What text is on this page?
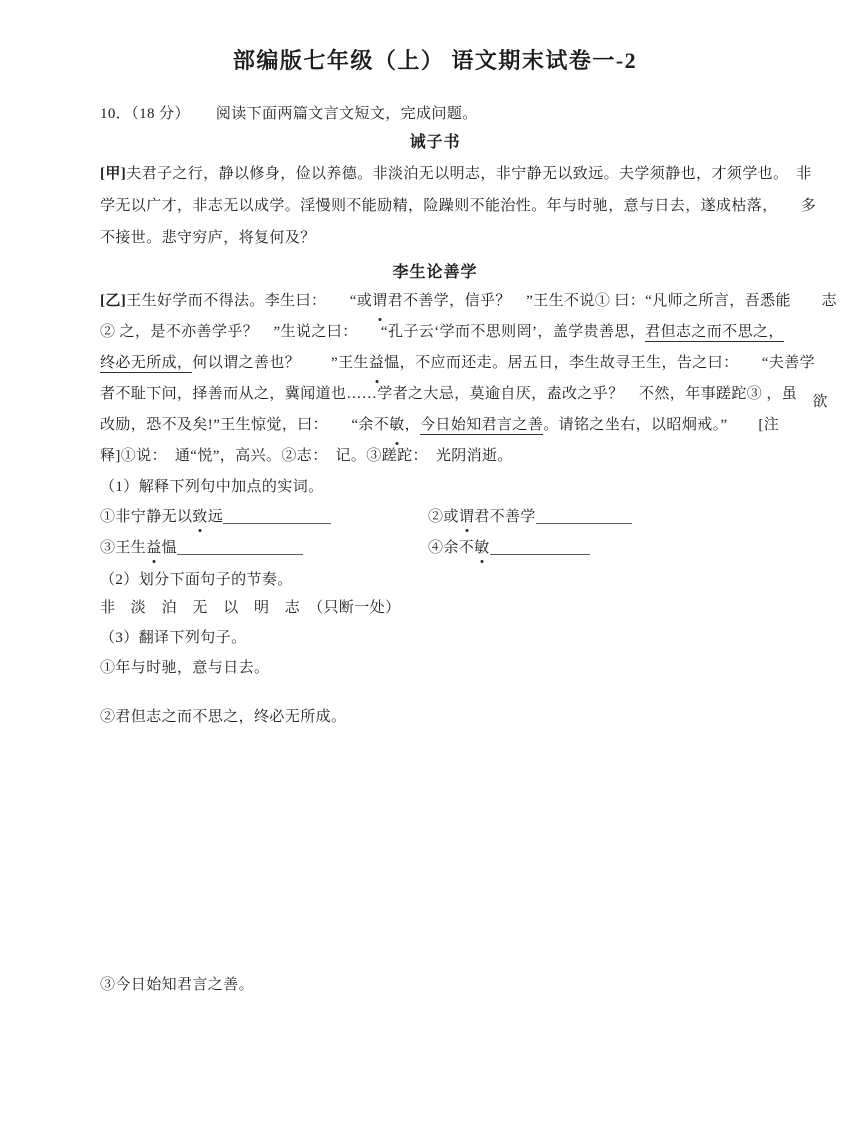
部编版七年级（上） 语文期末试卷一-2
10．（18 分） 阅读下面两篇文言文短文，完成问题。
诫子书
[甲]夫君子之行，静以修身，俭以养德。非淡泊无以明志，非宁静无以致远。夫学须静也，才须学也。　非
学无以广才，非志无以成学。淫慢则不能励精，险躁则不能治性。年与时驰，意与日去，遂成枯落，　　多
不接世。悲守穷庐，将复何及？
李生论善学
[乙]王生好学而不得法。李生曰：　　“或谓君不善学，信乎？　”王生不说① 曰：“凡师之所言，吾悉能　　志
② 之，是不亦善学乎？　”生说之曰：　　“孔子云‘学而不思则罔’，盖学贵善思，君但志之而不思之，
终必无所成，何以谓之善也？　　”王生益愠，不应而还走。居五日，李生故寻王生，告之曰：　　“夫善学
者不耻下问，择善而从之，冀闻道也……学者之大忌，莫逾自厌，盍改之乎？　不然，年事蹉跎③ ，虽　欲
改励，恐不及矣!”王生惊觉，曰：　　“余不敏，今日始知君言之善。请铭之坐右，以昭炯戒。”　　[注
释]①说：　通“悦”，高兴。②志：　记。③蹉跎：　光阴消逝。
（1）解释下列句中加点的实词。
①非宁静无以致远	②或谓君不善学
③王生益愠	④余不敏
（2）划分下面句子的节奏。
非　淡　泊　无　以　明　志　（只断一处）
（3）翻译下列句子。
①年与时驰，意与日去。
②君但志之而不思之，终必无所成。
③今日始知君言之善。
